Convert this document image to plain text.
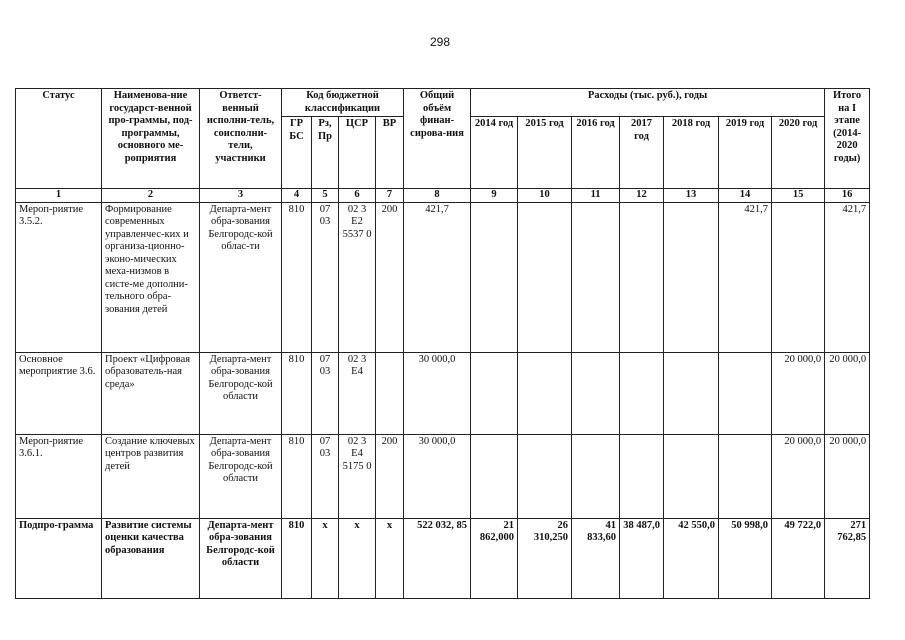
298
Статус	Наименова-ние государст-венной про-граммы, под-программы, основного ме-роприятия	Ответст-венный исполни-тель, соисполни-тели, участники	Код бюджетной классификации				Общий объём финан-сирова-ния	Расходы (тыс. руб.), годы							Итого на I этапе (2014-2020 годы)
			ГР БС	Рз, Пр	ЦСР	ВР		2014 год	2015 год	2016 год	2017 год	2018 год	2019 год	2020 год	
1	2	3	4	5	6	7	8	9	10	11	12	13	14	15	16
Мероп-риятие 3.5.2.	Формирование современных управленчес-ких и организа-ционно-эконо-мических меха-низмов в систе-ме дополни-тельного обра-зования детей	Департа-мент обра-зования Белгородс-кой облас-ти	810	07 03	02 3 E2 5537 0	200	421,7						421,7		421,7
Основное мероприятие 3.6.	Проект «Цифровая образователь-ная среда»	Департа-мент обра-зования Белгородс-кой области	810	07 03	02 3 E4		30 000,0							20 000,0	20 000,0
Мероп-риятие 3.6.1.	Создание ключевых центров развития детей	Департа-мент обра-зования Белгородс-кой области	810	07 03	02 3 E4 5175 0	200	30 000,0							20 000,0	20 000,0
Подпро-грамма	Развитие системы оценки качества образования	Департа-мент обра-зования Белгородс-кой области	810	х	х	х	522 032, 85	21 862,000	26 310,250	41 833,60	38 487,0	42 550,0	50 998,0	49 722,0	271 762,85
